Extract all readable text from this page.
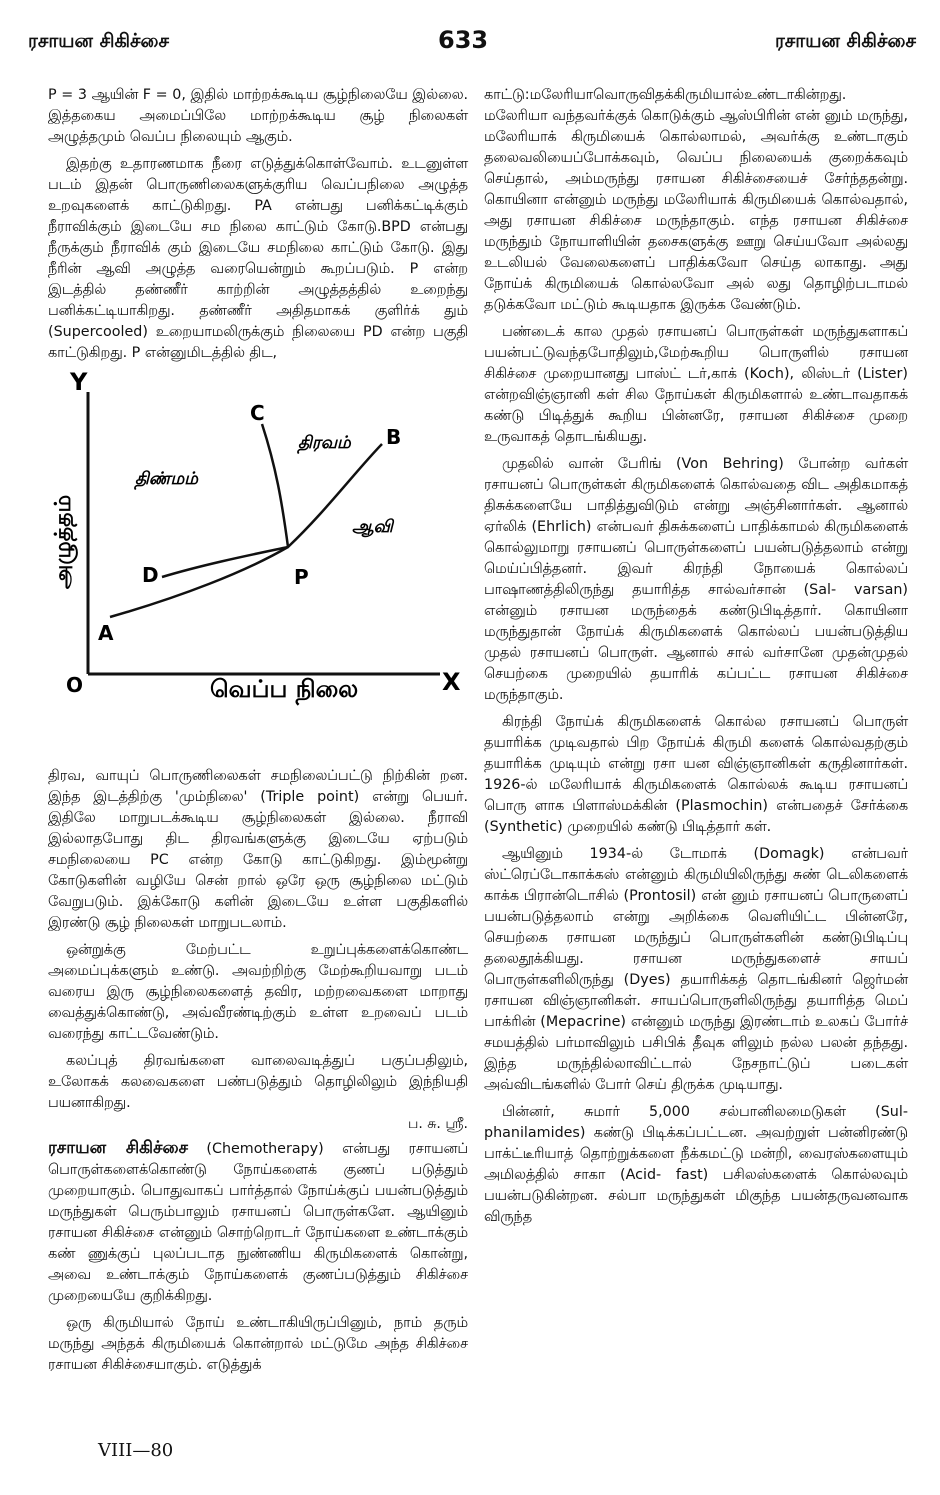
ரசாயன சிகிச்சை	633	ரசாயன சிகிச்சை

P = 3 ஆயின் F = 0, இதில் மாற்றக்கூடிய சூழ்நிலையே இல்லை. இத்தகைய அமைப்பிலே மாற்றக்கூடிய சூழ் நிலைகள் அழுத்தமும் வெப்ப நிலையும் ஆகும்.

இதற்கு உதாரணமாக நீரை எடுத்துக்கொள்வோம். உடனுள்ள படம் இதன் பொருணிலைகளுக்குரிய வெப்பநிலை அழுத்த உறவுகளைக் காட்டுகிறது. PA என்பது பனிக்கட்டிக்கும் நீராவிக்கும் இடையே சம நிலை காட்டும் கோடு.BPD என்பது நீருக்கும் நீராவிக் கும் இடையே சமநிலை காட்டும் கோடு. இது நீரின் ஆவி அழுத்த வரையென்றும் கூறப்படும். P என்ற இடத்தில் தண்ணீர் காற்றின் அழுத்தத்தில் உறைந்து பனிக்கட்டியாகிறது. தண்ணீர் அதிதமாகக் குளிர்க் தும் (Supercooled) உறையாமலிருக்கும் நிலையை PD என்ற பகுதி காட்டுகிறது. P என்னுமிடத்தில் திட,

Y
X
O	வெப்ப நிலை
அழுத்தம்
A
B
C
D	P
திண்மம்
திரவம்
ஆவி

திரவ, வாயுப் பொருணிலைகள் சமநிலைப்பட்டு நிற்கின் றன. இந்த இடத்திற்கு 'மும்நிலை' (Triple point) என்று பெயர். இதிலே மாறுபடக்கூடிய சூழ்நிலைகள் இல்லை. நீராவி இல்லாதபோது திட திரவங்களுக்கு இடையே ஏற்படும் சமநிலையை PC என்ற கோடு காட்டுகிறது. இம்மூன்று கோடுகளின் வழியே சென் றால் ஒரே ஒரு சூழ்நிலை மட்டும் வேறுபடும். இக்கோடு களின் இடையே உள்ள பகுதிகளில் இரண்டு சூழ் நிலைகள் மாறுபடலாம்.

ஒன்றுக்கு மேற்பட்ட உறுப்புக்களைக்கொண்ட அமைப்புக்களும் உண்டு. அவற்றிற்கு மேற்கூறியவாறு படம் வரைய இரு சூழ்நிலைகளைத் தவிர, மற்றவைகளை மாறாது வைத்துக்கொண்டு, அவ்வீரண்டிற்கும் உள்ள உறவைப் படம் வரைந்து காட்டவேண்டும்.

கலப்புத் திரவங்களை வாலைவடித்துப் பகுப்பதிலும், உலோகக் கலவைகளை பண்படுத்தும் தொழிலிலும் இந்நியதி பயனாகிறது.

ப. சு. ஸ்ரீ.

ரசாயன சிகிச்சை (Chemotherapy) என்பது ரசாயனப் பொருள்களைக்கொண்டு நோய்களைக் குணப் படுத்தும் முறையாகும். பொதுவாகப் பார்த்தால் நோய்க்குப் பயன்படுத்தும் மருந்துகள் பெரும்பாலும் ரசாயனப் பொருள்களே. ஆயினும் ரசாயன சிகிச்சை என்னும் சொற்றொடர் நோய்களை உண்டாக்கும் கண் ணுக்குப் புலப்படாத நுண்ணிய கிருமிகளைக் கொன்று, அவை உண்டாக்கும் நோய்களைக் குணப்படுத்தும் சிகிச்சை முறையையே குறிக்கிறது.

ஒரு கிருமியால் நோய் உண்டாகியிருப்பினும், நாம் தரும் மருந்து அந்தக் கிருமியைக் கொன்றால் மட்டுமே அந்த சிகிச்சை ரசாயன சிகிச்சையாகும். எடுத்துக்

காட்டு:மலேரியாவொருவிதக்கிருமியால்உண்டாகின்றது. மலேரியா வந்தவர்க்குக் கொடுக்கும் ஆஸ்பிரின் என் னும் மருந்து, மலேரியாக் கிருமியைக் கொல்லாமல், அவர்க்கு உண்டாகும் தலைவலியைப்போக்கவும், வெப்ப நிலையைக் குறைக்கவும் செய்தால், அம்மருந்து ரசாயன சிகிச்சையைச் சேர்ந்ததன்று. கொயினா என்னும் மருந்து மலேரியாக் கிருமியைக் கொல்வதால், அது ரசாயன சிகிச்சை மருந்தாகும். எந்த ரசாயன சிகிச்சை மருந்தும் நோயாளியின் தசைகளுக்கு ஊறு செய்யவோ அல்லது உடலியல் வேலைகளைப் பாதிக்கவோ செய்த லாகாது. அது நோய்க் கிருமியைக் கொல்லவோ அல் லது தொழிற்படாமல் தடுக்கவோ மட்டும் கூடியதாக இருக்க வேண்டும்.

பண்டைக் கால முதல் ரசாயனப் பொருள்கள் மருந்துகளாகப் பயன்பட்டுவந்தபோதிலும்,மேற்கூறிய பொருளில் ரசாயன சிகிச்சை முறையானது பாஸ்ட் டர்,காக் (Koch), லிஸ்டர் (Lister) என்றவிஞ்ஞானி கள் சில நோய்கள் கிருமிகளால் உண்டாவதாகக் கண்டு பிடித்துக் கூறிய பின்னரே, ரசாயன சிகிச்சை முறை உருவாகத் தொடங்கியது.

முதலில் வான் பேரிங் (Von Behring) போன்ற வர்கள் ரசாயனப் பொருள்கள் கிருமிகளைக் கொல்வதை விட அதிகமாகத் திசுக்களையே பாதித்துவிடும் என்று அஞ்சினார்கள். ஆனால் ஏர்லிக் (Ehrlich) என்பவர் திசுக்களைப் பாதிக்காமல் கிருமிகளைக் கொல்லுமாறு ரசாயனப் பொருள்களைப் பயன்படுத்தலாம் என்று மெய்ப்பித்தனர். இவர் கிரந்தி நோயைக் கொல்லப் பாஷாணத்திலிருந்து தயாரித்த சால்வர்சான் (Sal- varsan) என்னும் ரசாயன மருந்தைக் கண்டுபிடித்தார். கொயினா மருந்துதான் நோய்க் கிருமிகளைக் கொல்லப் பயன்படுத்திய முதல் ரசாயனப் பொருள். ஆனால் சால் வர்சானே முதன்முதல் செயற்கை முறையில் தயாரிக் கப்பட்ட ரசாயன சிகிச்சை மருந்தாகும்.

கிரந்தி நோய்க் கிருமிகளைக் கொல்ல ரசாயனப் பொருள் தயாரிக்க முடிவதால் பிற நோய்க் கிருமி களைக் கொல்வதற்கும் தயாரிக்க முடியும் என்று ரசா யன விஞ்ஞானிகள் கருதினார்கள். 1926-ல் மலேரியாக் கிருமிகளைக் கொல்லக் கூடிய ரசாயனப் பொரு ளாக பிளாஸ்மக்கின் (Plasmochin) என்பதைச் சேர்க்கை (Synthetic) முறையில் கண்டு பிடித்தார் கள்.

ஆயினும் 1934-ல் டோமாக் (Domagk) என்பவர் ஸ்ட்ரெப்டோகாக்கஸ் என்னும் கிருமியிலிருந்து சுண் டெலிகளைக் காக்க பிரான்டொசில் (Prontosil) என் னும் ரசாயனப் பொருளைப் பயன்படுத்தலாம் என்று அறிக்கை வெளியிட்ட பின்னரே, செயற்கை ரசாயன மருந்துப் பொருள்களின் கண்டுபிடிப்பு தலைதூக்கியது. ரசாயன மருந்துகளைச் சாயப் பொருள்களிலிருந்து (Dyes) தயாரிக்கத் தொடங்கினர் ஜெர்மன் ரசாயன விஞ்ஞானிகள். சாயப்பொருளிலிருந்து தயாரித்த மெப் பாக்ரின் (Mepacrine) என்னும் மருந்து இரண்டாம் உலகப் போர்ச் சமயத்தில் பர்மாவிலும் பசிபிக் தீவுக ளிலும் நல்ல பலன் தந்தது. இந்த மருந்தில்லாவிட்டால் நேசநாட்டுப் படைகள் அவ்விடங்களில் போர் செய் திருக்க முடியாது.

பின்னர், சுமார் 5,000 சல்பானிலமைடுகள் (Sul- phanilamides) கண்டு பிடிக்கப்பட்டன. அவற்றுள் பன்னிரண்டு பாக்ட்டீரியாத் தொற்றுக்களை நீக்கமட்டு மன்றி, வைரஸ்களையும் அமிலத்தில் சாகா (Acid- fast) பசிலஸ்களைக் கொல்லவும் பயன்படுகின்றன. சல்பா மருந்துகள் மிகுந்த பயன்தருவனவாக விருந்த

VIII—80
